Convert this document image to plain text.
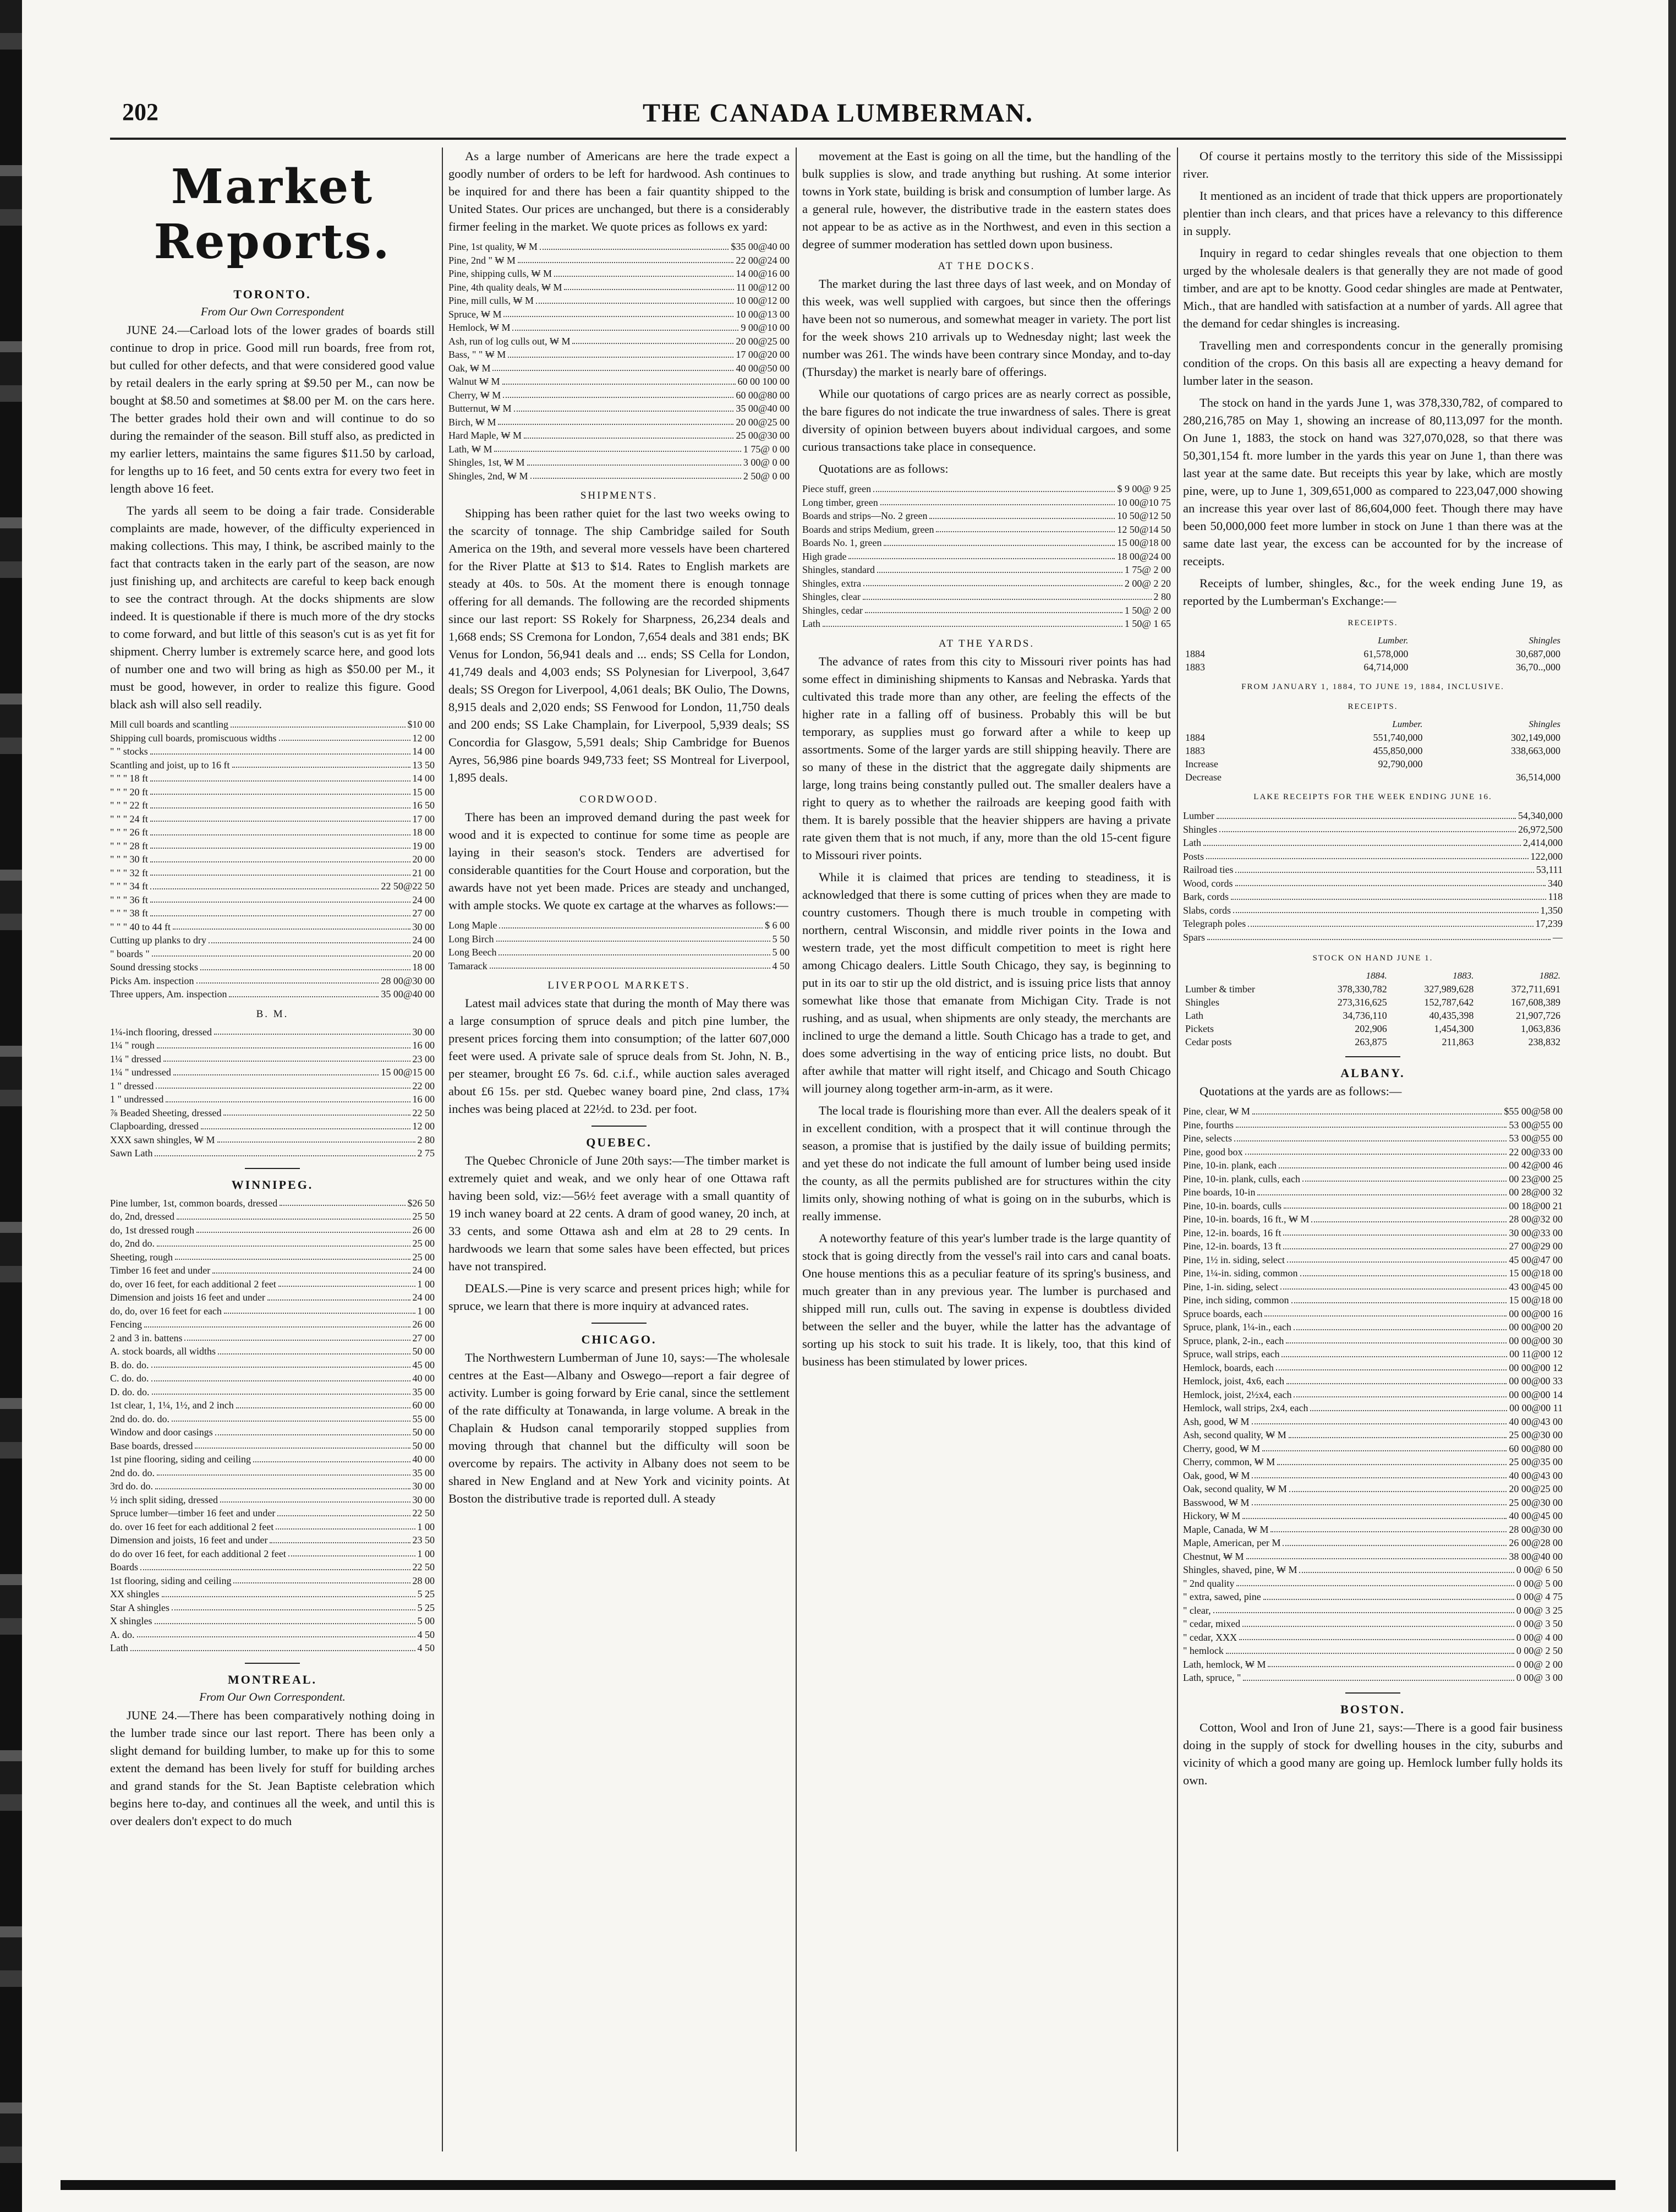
202	THE CANADA LUMBERMAN.
Market Reports.
TORONTO.
From Our Own Correspondent

JUNE 24.—Carload lots of the lower grades of boards still continue to drop in price. Good mill run boards, free from rot, but culled for other defects, and that were considered good value by retail dealers in the early spring at $9.50 per M., can now be bought at $8.50 and sometimes at $8.00 per M. on the cars here. The better grades hold their own and will continue to do so during the remainder of the season. Bill stuff also, as predicted in my earlier letters, maintains the same figures $11.50 by carload, for lengths up to 16 feet, and 50 cents extra for every two feet in length above 16 feet.

The yards all seem to be doing a fair trade. Considerable complaints are made, however, of the difficulty experienced in making collections. This may, I think, be ascribed mainly to the fact that contracts taken in the early part of the season, are now just finishing up, and architects are careful to keep back enough to see the contract through. At the docks shipments are slow indeed. It is questionable if there is much more of the dry stocks to come forward, and but little of this season's cut is as yet fit for shipment. Cherry lumber is extremely scarce here, and good lots of number one and two will bring as high as $50.00 per M., it must be good, however, in order to realize this figure. Good black ash will also sell readily.

Mill cull boards and scantling	$10 00
Shipping cull boards, promiscuous widths	12 00
" " stocks	14 00
Scantling and joist, up to 16 ft	13 50
" " " 18 ft	14 00
" " " 20 ft	15 00
" " " 22 ft	16 50
" " " 24 ft	17 00
" " " 26 ft	18 00
" " " 28 ft	19 00
" " " 30 ft	20 00
" " " 32 ft	21 00
" " " 34 ft	22 50@22 50
" " " 36 ft	24 00
" " " 38 ft	27 00
" " " 40 to 44 ft	30 00
Cutting up planks to dry	24 00
" boards "	20 00
Sound dressing stocks	18 00
Picks Am. inspection	28 00@30 00
Three uppers, Am. inspection	35 00@40 00
B. M.
1¼-inch flooring, dressed	30 00
1¼ " rough	16 00
1¼ " dressed	23 00
1¼ " undressed	15 00@15 00
1 " dressed	22 00
1 " undressed	16 00
⅞ Beaded Sheeting, dressed	22 50
Clapboarding, dressed	12 00
XXX sawn shingles, ₩ M	2 80
Sawn Lath	2 75
WINNIPEG.
Pine lumber, 1st, common boards, dressed	$26 50
do, 2nd, dressed	25 50
do, 1st dressed rough	26 00
do, 2nd do.	25 00
Sheeting, rough	25 00
Timber 16 feet and under	24 00
do, over 16 feet, for each additional 2 feet	1 00
Dimension and joists 16 feet and under	24 00
do, do, over 16 feet for each	1 00
Fencing	26 00
2 and 3 in. battens	27 00
A. stock boards, all widths	50 00
B. do. do.	45 00
C. do. do.	40 00
D. do. do.	35 00
1st clear, 1, 1¼, 1½, and 2 inch	60 00
2nd do. do. do.	55 00
Window and door casings	50 00
Base boards, dressed	50 00
1st pine flooring, siding and ceiling	40 00
2nd do. do.	35 00
3rd do. do.	30 00
½ inch split siding, dressed	30 00
Spruce lumber—timber 16 feet and under	22 50
do. over 16 feet for each additional 2 feet	1 00
Dimension and joists, 16 feet and under	23 50
do do over 16 feet, for each additional 2 feet	1 00
Boards	22 50
1st flooring, siding and ceiling	28 00
XX shingles	5 25
Star A shingles	5 25
X shingles	5 00
A. do.	4 50
Lath	4 50
MONTREAL.
From Our Own Correspondent.

JUNE 24.—There has been comparatively nothing doing in the lumber trade since our last report. There has been only a slight demand for building lumber, to make up for this to some extent the demand has been lively for stuff for building arches and grand stands for the St. Jean Baptiste celebration which begins here to-day, and continues all the week, and until this is over dealers don't expect to do much

As a large number of Americans are here the trade expect a goodly number of orders to be left for hardwood. Ash continues to be inquired for and there has been a fair quantity shipped to the United States. Our prices are unchanged, but there is a considerably firmer feeling in the market. We quote prices as follows ex yard:

Pine, 1st quality, ₩ M	$35 00@40 00
Pine, 2nd " ₩ M	22 00@24 00
Pine, shipping culls, ₩ M	14 00@16 00
Pine, 4th quality deals, ₩ M	11 00@12 00
Pine, mill culls, ₩ M	10 00@12 00
Spruce, ₩ M	10 00@13 00
Hemlock, ₩ M	9 00@10 00
Ash, run of log culls out, ₩ M	20 00@25 00
Bass, " " ₩ M	17 00@20 00
Oak, ₩ M	40 00@50 00
Walnut ₩ M	60 00 100 00
Cherry, ₩ M	60 00@80 00
Butternut, ₩ M	35 00@40 00
Birch, ₩ M	20 00@25 00
Hard Maple, ₩ M	25 00@30 00
Lath, ₩ M	1 75@ 0 00
Shingles, 1st, ₩ M	3 00@ 0 00
Shingles, 2nd, ₩ M	2 50@ 0 00
SHIPMENTS.

Shipping has been rather quiet for the last two weeks owing to the scarcity of tonnage. The ship Cambridge sailed for South America on the 19th, and several more vessels have been chartered for the River Platte at $13 to $14. Rates to English markets are steady at 40s. to 50s. At the moment there is enough tonnage offering for all demands. The following are the recorded shipments since our last report: SS Rokely for Sharpness, 26,234 deals and 1,668 ends; SS Cremona for London, 7,654 deals and 381 ends; BK Venus for London, 56,941 deals and ... ends; SS Cella for London, 41,749 deals and 4,003 ends; SS Polynesian for Liverpool, 3,647 deals; SS Oregon for Liverpool, 4,061 deals; BK Oulio, The Downs, 8,915 deals and 2,020 ends; SS Fenwood for London, 11,750 deals and 200 ends; SS Lake Champlain, for Liverpool, 5,939 deals; SS Concordia for Glasgow, 5,591 deals; Ship Cambridge for Buenos Ayres, 56,986 pine boards 949,733 feet; SS Montreal for Liverpool, 1,895 deals.

CORDWOOD.

There has been an improved demand during the past week for wood and it is expected to continue for some time as people are laying in their season's stock. Tenders are advertised for considerable quantities for the Court House and corporation, but the awards have not yet been made. Prices are steady and unchanged, with ample stocks. We quote ex cartage at the wharves as follows:—

Long Maple	$ 6 00
Long Birch	5 50
Long Beech	5 00
Tamarack	4 50
LIVERPOOL MARKETS.

Latest mail advices state that during the month of May there was a large consumption of spruce deals and pitch pine lumber, the present prices forcing them into consumption; of the latter 607,000 feet were used. A private sale of spruce deals from St. John, N. B., per steamer, brought £6 7s. 6d. c.i.f., while auction sales averaged about £6 15s. per std. Quebec waney board pine, 2nd class, 17¾ inches was being placed at 22½d. to 23d. per foot.

QUEBEC.

The Quebec Chronicle of June 20th says:—The timber market is extremely quiet and weak, and we only hear of one Ottawa raft having been sold, viz:—56½ feet average with a small quantity of 19 inch waney board at 22 cents. A dram of good waney, 20 inch, at 33 cents, and some Ottawa ash and elm at 28 to 29 cents. In hardwoods we learn that some sales have been effected, but prices have not transpired.

DEALS.—Pine is very scarce and present prices high; while for spruce, we learn that there is more inquiry at advanced rates.

CHICAGO.

The Northwestern Lumberman of June 10, says:—The wholesale centres at the East—Albany and Oswego—report a fair degree of activity. Lumber is going forward by Erie canal, since the settlement of the rate difficulty at Tonawanda, in large volume. A break in the Chaplain & Hudson canal temporarily stopped supplies from moving through that channel but the difficulty will soon be overcome by repairs. The activity in Albany does not seem to be shared in New England and at New York and vicinity points. At Boston the distributive trade is reported dull. A steady

movement at the East is going on all the time, but the handling of the bulk supplies is slow, and trade anything but rushing. At some interior towns in York state, building is brisk and consumption of lumber large. As a general rule, however, the distributive trade in the eastern states does not appear to be as active as in the Northwest, and even in this section a degree of summer moderation has settled down upon business.

AT THE DOCKS.

The market during the last three days of last week, and on Monday of this week, was well supplied with cargoes, but since then the offerings have been not so numerous, and somewhat meager in variety. The port list for the week shows 210 arrivals up to Wednesday night; last week the number was 261. The winds have been contrary since Monday, and to-day (Thursday) the market is nearly bare of offerings.

While our quotations of cargo prices are as nearly correct as possible, the bare figures do not indicate the true inwardness of sales. There is great diversity of opinion between buyers about individual cargoes, and some curious transactions take place in consequence.

Quotations are as follows:

Piece stuff, green	$ 9 00@ 9 25
Long timber, green	10 00@10 75
Boards and strips—No. 2 green	10 50@12 50
Boards and strips Medium, green	12 50@14 50
Boards No. 1, green	15 00@18 00
High grade	18 00@24 00
Shingles, standard	1 75@ 2 00
Shingles, extra	2 00@ 2 20
Shingles, clear	2 80
Shingles, cedar	1 50@ 2 00
Lath	1 50@ 1 65
AT THE YARDS.

The advance of rates from this city to Missouri river points has had some effect in diminishing shipments to Kansas and Nebraska. Yards that cultivated this trade more than any other, are feeling the effects of the higher rate in a falling off of business. Probably this will be but temporary, as supplies must go forward after a while to keep up assortments. Some of the larger yards are still shipping heavily. There are so many of these in the district that the aggregate daily shipments are large, long trains being constantly pulled out. The smaller dealers have a right to query as to whether the railroads are keeping good faith with them. It is barely possible that the heavier shippers are having a private rate given them that is not much, if any, more than the old 15-cent figure to Missouri river points.

While it is claimed that prices are tending to steadiness, it is acknowledged that there is some cutting of prices when they are made to country customers. Though there is much trouble in competing with northern, central Wisconsin, and middle river points in the Iowa and western trade, yet the most difficult competition to meet is right here among Chicago dealers. Little South Chicago, they say, is beginning to put in its oar to stir up the old district, and is issuing price lists that annoy somewhat like those that emanate from Michigan City. Trade is not rushing, and as usual, when shipments are only steady, the merchants are inclined to urge the demand a little. South Chicago has a trade to get, and does some advertising in the way of enticing price lists, no doubt. But after awhile that matter will right itself, and Chicago and South Chicago will journey along together arm-in-arm, as it were.

The local trade is flourishing more than ever. All the dealers speak of it in excellent condition, with a prospect that it will continue through the season, a promise that is justified by the daily issue of building permits; and yet these do not indicate the full amount of lumber being used inside the county, as all the permits published are for structures within the city limits only, showing nothing of what is going on in the suburbs, which is really immense.

A noteworthy feature of this year's lumber trade is the large quantity of stock that is going directly from the vessel's rail into cars and canal boats. One house mentions this as a peculiar feature of its spring's business, and much greater than in any previous year. The lumber is purchased and shipped mill run, culls out. The saving in expense is doubtless divided between the seller and the buyer, while the latter has the advantage of sorting up his stock to suit his trade. It is likely, too, that this kind of business has been stimulated by lower prices.

Of course it pertains mostly to the territory this side of the Mississippi river.

It mentioned as an incident of trade that thick uppers are proportionately plentier than inch clears, and that prices have a relevancy to this difference in supply.

Inquiry in regard to cedar shingles reveals that one objection to them urged by the wholesale dealers is that generally they are not made of good timber, and are apt to be knotty. Good cedar shingles are made at Pentwater, Mich., that are handled with satisfaction at a number of yards. All agree that the demand for cedar shingles is increasing.

Travelling men and correspondents concur in the generally promising condition of the crops. On this basis all are expecting a heavy demand for lumber later in the season.

The stock on hand in the yards June 1, was 378,330,782, of compared to 280,216,785 on May 1, showing an increase of 80,113,097 for the month. On June 1, 1883, the stock on hand was 327,070,028, so that there was 50,301,154 ft. more lumber in the yards this year on June 1, than there was last year at the same date. But receipts this year by lake, which are mostly pine, were, up to June 1, 309,651,000 as compared to 223,047,000 showing an increase this year over last of 86,604,000 feet. Though there may have been 50,000,000 feet more lumber in stock on June 1 than there was at the same date last year, the excess can be accounted for by the increase of receipts.

Receipts of lumber, shingles, &c., for the week ending June 19, as reported by the Lumberman's Exchange:—

RECEIPTS.
	Lumber.	Shingles
1884	61,578,000	30,687,000
1883	64,714,000	36,70..,000
FROM JANUARY 1, 1884, TO JUNE 19, 1884, INCLUSIVE.
RECEIPTS.
	Lumber.	Shingles
1884	551,740,000	302,149,000
1883	455,850,000	338,663,000
Increase	92,790,000	
Decrease		36,514,000
LAKE RECEIPTS FOR THE WEEK ENDING JUNE 16.
Lumber	54,340,000
Shingles	26,972,500
Lath	2,414,000
Posts	122,000
Railroad ties	53,111
Wood, cords	340
Bark, cords	118
Slabs, cords	1,350
Telegraph poles	17,239
Spars	—
STOCK ON HAND JUNE 1.
	1884.	1883.	1882.
Lumber & timber	378,330,782	327,989,628	372,711,691
Shingles	273,316,625	152,787,642	167,608,389
Lath	34,736,110	40,435,398	21,907,726
Pickets	202,906	1,454,300	1,063,836
Cedar posts	263,875	211,863	238,832
ALBANY.

Quotations at the yards are as follows:—

Pine, clear, ₩ M	$55 00@58 00
Pine, fourths	53 00@55 00
Pine, selects	53 00@55 00
Pine, good box	22 00@33 00
Pine, 10-in. plank, each	00 42@00 46
Pine, 10-in. plank, culls, each	00 23@00 25
Pine boards, 10-in	00 28@00 32
Pine, 10-in. boards, culls	00 18@00 21
Pine, 10-in. boards, 16 ft., ₩ M	28 00@32 00
Pine, 12-in. boards, 16 ft	30 00@33 00
Pine, 12-in. boards, 13 ft	27 00@29 00
Pine, 1½ in. siding, select	45 00@47 00
Pine, 1¼-in. siding, common	15 00@18 00
Pine, 1-in. siding, select	43 00@45 00
Pine, inch siding, common	15 00@18 00
Spruce boards, each	00 00@00 16
Spruce, plank, 1¼-in., each	00 00@00 20
Spruce, plank, 2-in., each	00 00@00 30
Spruce, wall strips, each	00 11@00 12
Hemlock, boards, each	00 00@00 12
Hemlock, joist, 4x6, each	00 00@00 33
Hemlock, joist, 2½x4, each	00 00@00 14
Hemlock, wall strips, 2x4, each	00 00@00 11
Ash, good, ₩ M	40 00@43 00
Ash, second quality, ₩ M	25 00@30 00
Cherry, good, ₩ M	60 00@80 00
Cherry, common, ₩ M	25 00@35 00
Oak, good, ₩ M	40 00@43 00
Oak, second quality, ₩ M	20 00@25 00
Basswood, ₩ M	25 00@30 00
Hickory, ₩ M	40 00@45 00
Maple, Canada, ₩ M	28 00@30 00
Maple, American, per M	26 00@28 00
Chestnut, ₩ M	38 00@40 00
Shingles, shaved, pine, ₩ M	0 00@ 6 50
" 2nd quality	0 00@ 5 00
" extra, sawed, pine	0 00@ 4 75
" clear,	0 00@ 3 25
" cedar, mixed	0 00@ 3 50
" cedar, XXX	0 00@ 4 00
" hemlock	0 00@ 2 50
Lath, hemlock, ₩ M	0 00@ 2 00
Lath, spruce, "	0 00@ 3 00
BOSTON.

Cotton, Wool and Iron of June 21, says:—There is a good fair business doing in the supply of stock for dwelling houses in the city, suburbs and vicinity of which a good many are going up. Hemlock lumber fully holds its own.
